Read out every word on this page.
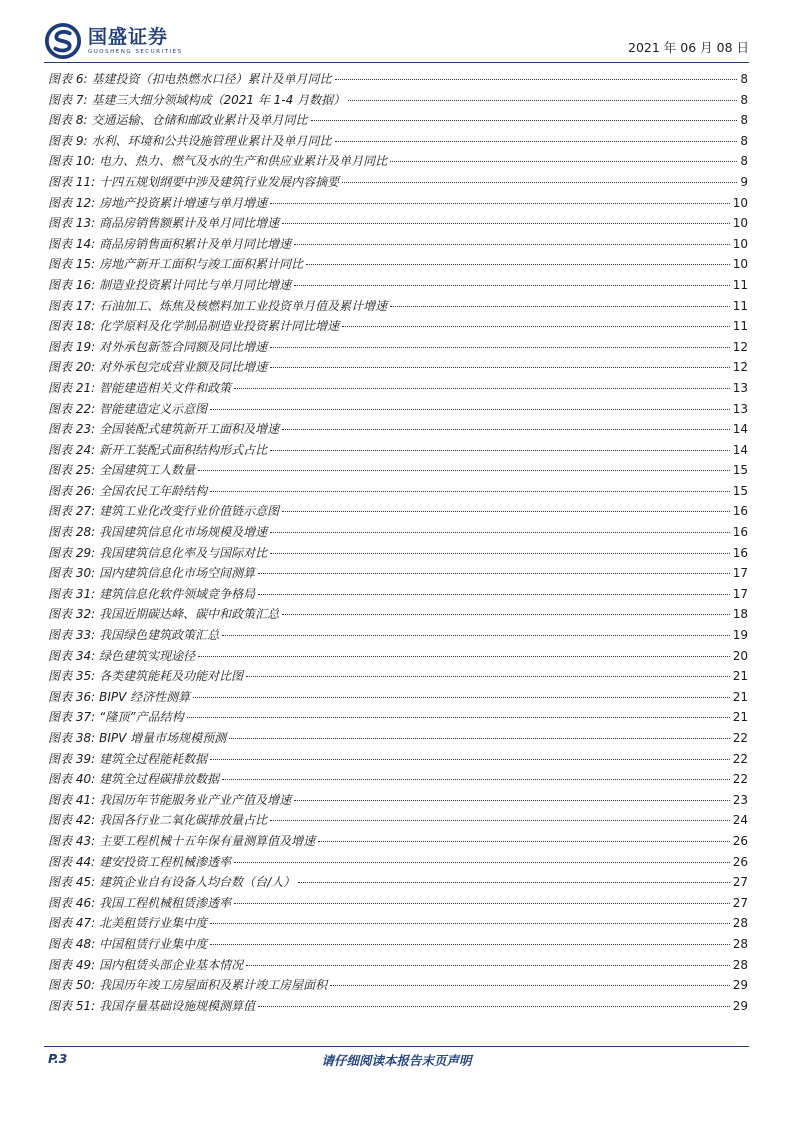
国盛证券
GUOSHENG SECURITIES	2021 年 06 月 08 日
图表 6: 基建投资（扣电热燃水口径）累计及单月同比	8
图表 7: 基建三大细分领域构成（2021 年 1-4 月数据）	8
图表 8: 交通运输、仓储和邮政业累计及单月同比	8
图表 9: 水利、环境和公共设施管理业累计及单月同比	8
图表 10: 电力、热力、燃气及水的生产和供应业累计及单月同比	8
图表 11: 十四五规划纲要中涉及建筑行业发展内容摘要	9
图表 12: 房地产投资累计增速与单月增速	10
图表 13: 商品房销售额累计及单月同比增速	10
图表 14: 商品房销售面积累计及单月同比增速	10
图表 15: 房地产新开工面积与竣工面积累计同比	10
图表 16: 制造业投资累计同比与单月同比增速	11
图表 17: 石油加工、炼焦及核燃料加工业投资单月值及累计增速	11
图表 18: 化学原料及化学制品制造业投资累计同比增速	11
图表 19: 对外承包新签合同额及同比增速	12
图表 20: 对外承包完成营业额及同比增速	12
图表 21: 智能建造相关文件和政策	13
图表 22: 智能建造定义示意图	13
图表 23: 全国装配式建筑新开工面积及增速	14
图表 24: 新开工装配式面积结构形式占比	14
图表 25: 全国建筑工人数量	15
图表 26: 全国农民工年龄结构	15
图表 27: 建筑工业化改变行业价值链示意图	16
图表 28: 我国建筑信息化市场规模及增速	16
图表 29: 我国建筑信息化率及与国际对比	16
图表 30: 国内建筑信息化市场空间测算	17
图表 31: 建筑信息化软件领域竞争格局	17
图表 32: 我国近期碳达峰、碳中和政策汇总	18
图表 33: 我国绿色建筑政策汇总	19
图表 34: 绿色建筑实现途径	20
图表 35: 各类建筑能耗及功能对比图	21
图表 36: BIPV 经济性测算	21
图表 37: “隆顶”产品结构	21
图表 38: BIPV 增量市场规模预测	22
图表 39: 建筑全过程能耗数据	22
图表 40: 建筑全过程碳排放数据	22
图表 41: 我国历年节能服务业产业产值及增速	23
图表 42: 我国各行业二氧化碳排放量占比	24
图表 43: 主要工程机械十五年保有量测算值及增速	26
图表 44: 建安投资工程机械渗透率	26
图表 45: 建筑企业自有设备人均台数（台/人）	27
图表 46: 我国工程机械租赁渗透率	27
图表 47: 北美租赁行业集中度	28
图表 48: 中国租赁行业集中度	28
图表 49: 国内租赁头部企业基本情况	28
图表 50: 我国历年竣工房屋面积及累计竣工房屋面积	29
图表 51: 我国存量基础设施规模测算值	29
P.3	请仔细阅读本报告末页声明
